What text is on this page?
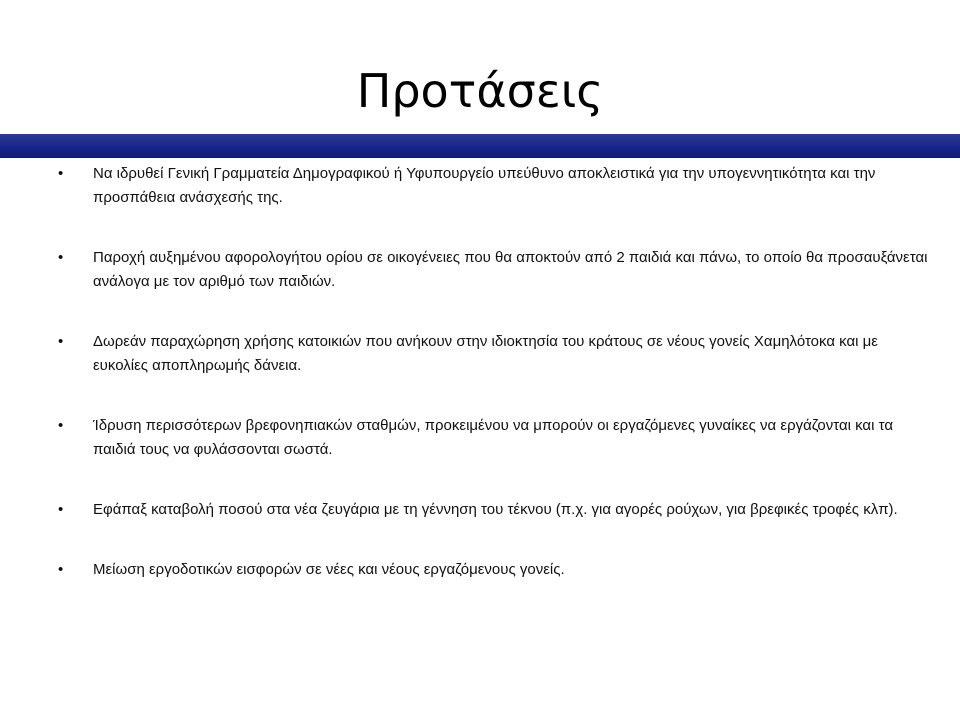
Προτάσεις
• Να ιδρυθεί Γενική Γραμματεία Δημογραφικού ή Υφυπουργείο υπεύθυνο αποκλειστικά για την υπογεννητικότητα και την προσπάθεια ανάσχεσής της.
• Παροχή αυξημένου αφορολογήτου ορίου σε οικογένειες που θα αποκτούν από 2 παιδιά και πάνω, το οποίο θα προσαυξάνεται ανάλογα με τον αριθμό των παιδιών.
• Δωρεάν παραχώρηση χρήσης κατοικιών που ανήκουν στην ιδιοκτησία του κράτους σε νέους γονείς Χαμηλότοκα και με ευκολίες αποπληρωμής δάνεια.
• Ίδρυση περισσότερων βρεφονηπιακών σταθμών, προκειμένου να μπορούν οι εργαζόμενες γυναίκες να εργάζονται και τα παιδιά τους να φυλάσσονται σωστά.
• Εφάπαξ καταβολή ποσού στα νέα ζευγάρια με τη γέννηση του τέκνου (π.χ. για αγορές ρούχων, για βρεφικές τροφές κλπ).
• Μείωση εργοδοτικών εισφορών σε νέες και νέους εργαζόμενους γονείς.
